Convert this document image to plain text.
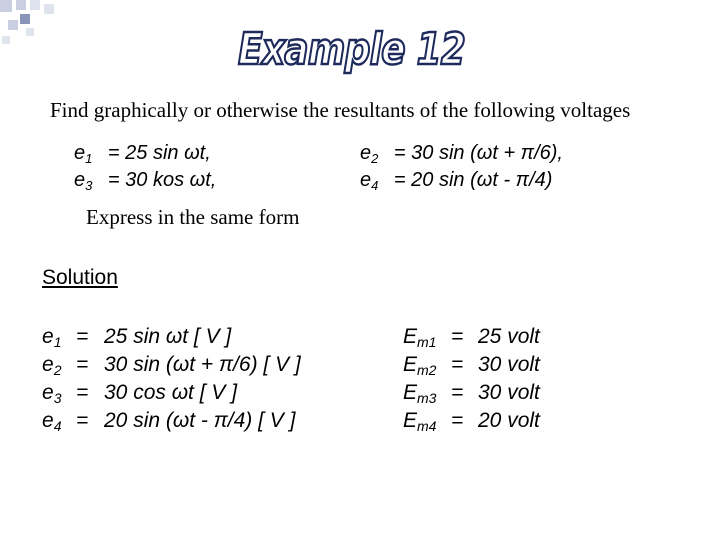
Example 12
Find graphically or otherwise the resultants of the following voltages
$e_1 = 25$ sin ωt,	$e_2 = 30$ sin (ωt + π/6),
$e_3 = 30$ kos ωt,	$e_4 = 20$ sin (ωt - π/4)
Express in the same form
Solution
$e_1 = 25$ sin ωt [ V ]
$e_2 = 30$ sin (ωt + π/6) [ V ]
$e_3 = 30$ cos ωt [ V ]
$e_4 = 20$ sin (ωt - π/4) [ V ]
$E_{m1} = 25$ volt
$E_{m2} = 30$ volt
$E_{m3} = 30$ volt
$E_{m4} = 20$ volt
